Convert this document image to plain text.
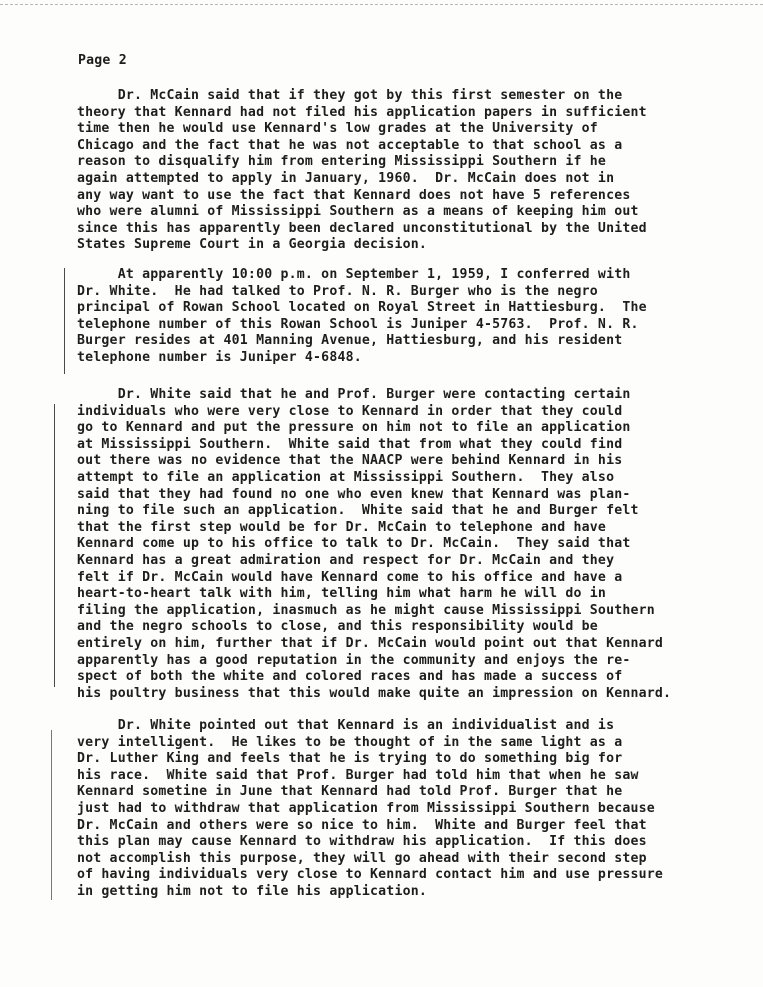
Page 2
Dr. McCain said that if they got by this first semester on the
theory that Kennard had not filed his application papers in sufficient
time then he would use Kennard's low grades at the University of
Chicago and the fact that he was not acceptable to that school as a
reason to disqualify him from entering Mississippi Southern if he
again attempted to apply in January, 1960.  Dr. McCain does not in
any way want to use the fact that Kennard does not have 5 references
who were alumni of Mississippi Southern as a means of keeping him out
since this has apparently been declared unconstitutional by the United
States Supreme Court in a Georgia decision.
At apparently 10:00 p.m. on September 1, 1959, I conferred with
Dr. White.  He had talked to Prof. N. R. Burger who is the negro
principal of Rowan School located on Royal Street in Hattiesburg.  The
telephone number of this Rowan School is Juniper 4-5763.  Prof. N. R.
Burger resides at 401 Manning Avenue, Hattiesburg, and his resident
telephone number is Juniper 4-6848.
Dr. White said that he and Prof. Burger were contacting certain
individuals who were very close to Kennard in order that they could
go to Kennard and put the pressure on him not to file an application
at Mississippi Southern.  White said that from what they could find
out there was no evidence that the NAACP were behind Kennard in his
attempt to file an application at Mississippi Southern.  They also
said that they had found no one who even knew that Kennard was plan-
ning to file such an application.  White said that he and Burger felt
that the first step would be for Dr. McCain to telephone and have
Kennard come up to his office to talk to Dr. McCain.  They said that
Kennard has a great admiration and respect for Dr. McCain and they
felt if Dr. McCain would have Kennard come to his office and have a
heart-to-heart talk with him, telling him what harm he will do in
filing the application, inasmuch as he might cause Mississippi Southern
and the negro schools to close, and this responsibility would be
entirely on him, further that if Dr. McCain would point out that Kennard
apparently has a good reputation in the community and enjoys the re-
spect of both the white and colored races and has made a success of
his poultry business that this would make quite an impression on Kennard.
Dr. White pointed out that Kennard is an individualist and is
very intelligent.  He likes to be thought of in the same light as a
Dr. Luther King and feels that he is trying to do something big for
his race.  White said that Prof. Burger had told him that when he saw
Kennard sometine in June that Kennard had told Prof. Burger that he
just had to withdraw that application from Mississippi Southern because
Dr. McCain and others were so nice to him.  White and Burger feel that
this plan may cause Kennard to withdraw his application.  If this does
not accomplish this purpose, they will go ahead with their second step
of having individuals very close to Kennard contact him and use pressure
in getting him not to file his application.
